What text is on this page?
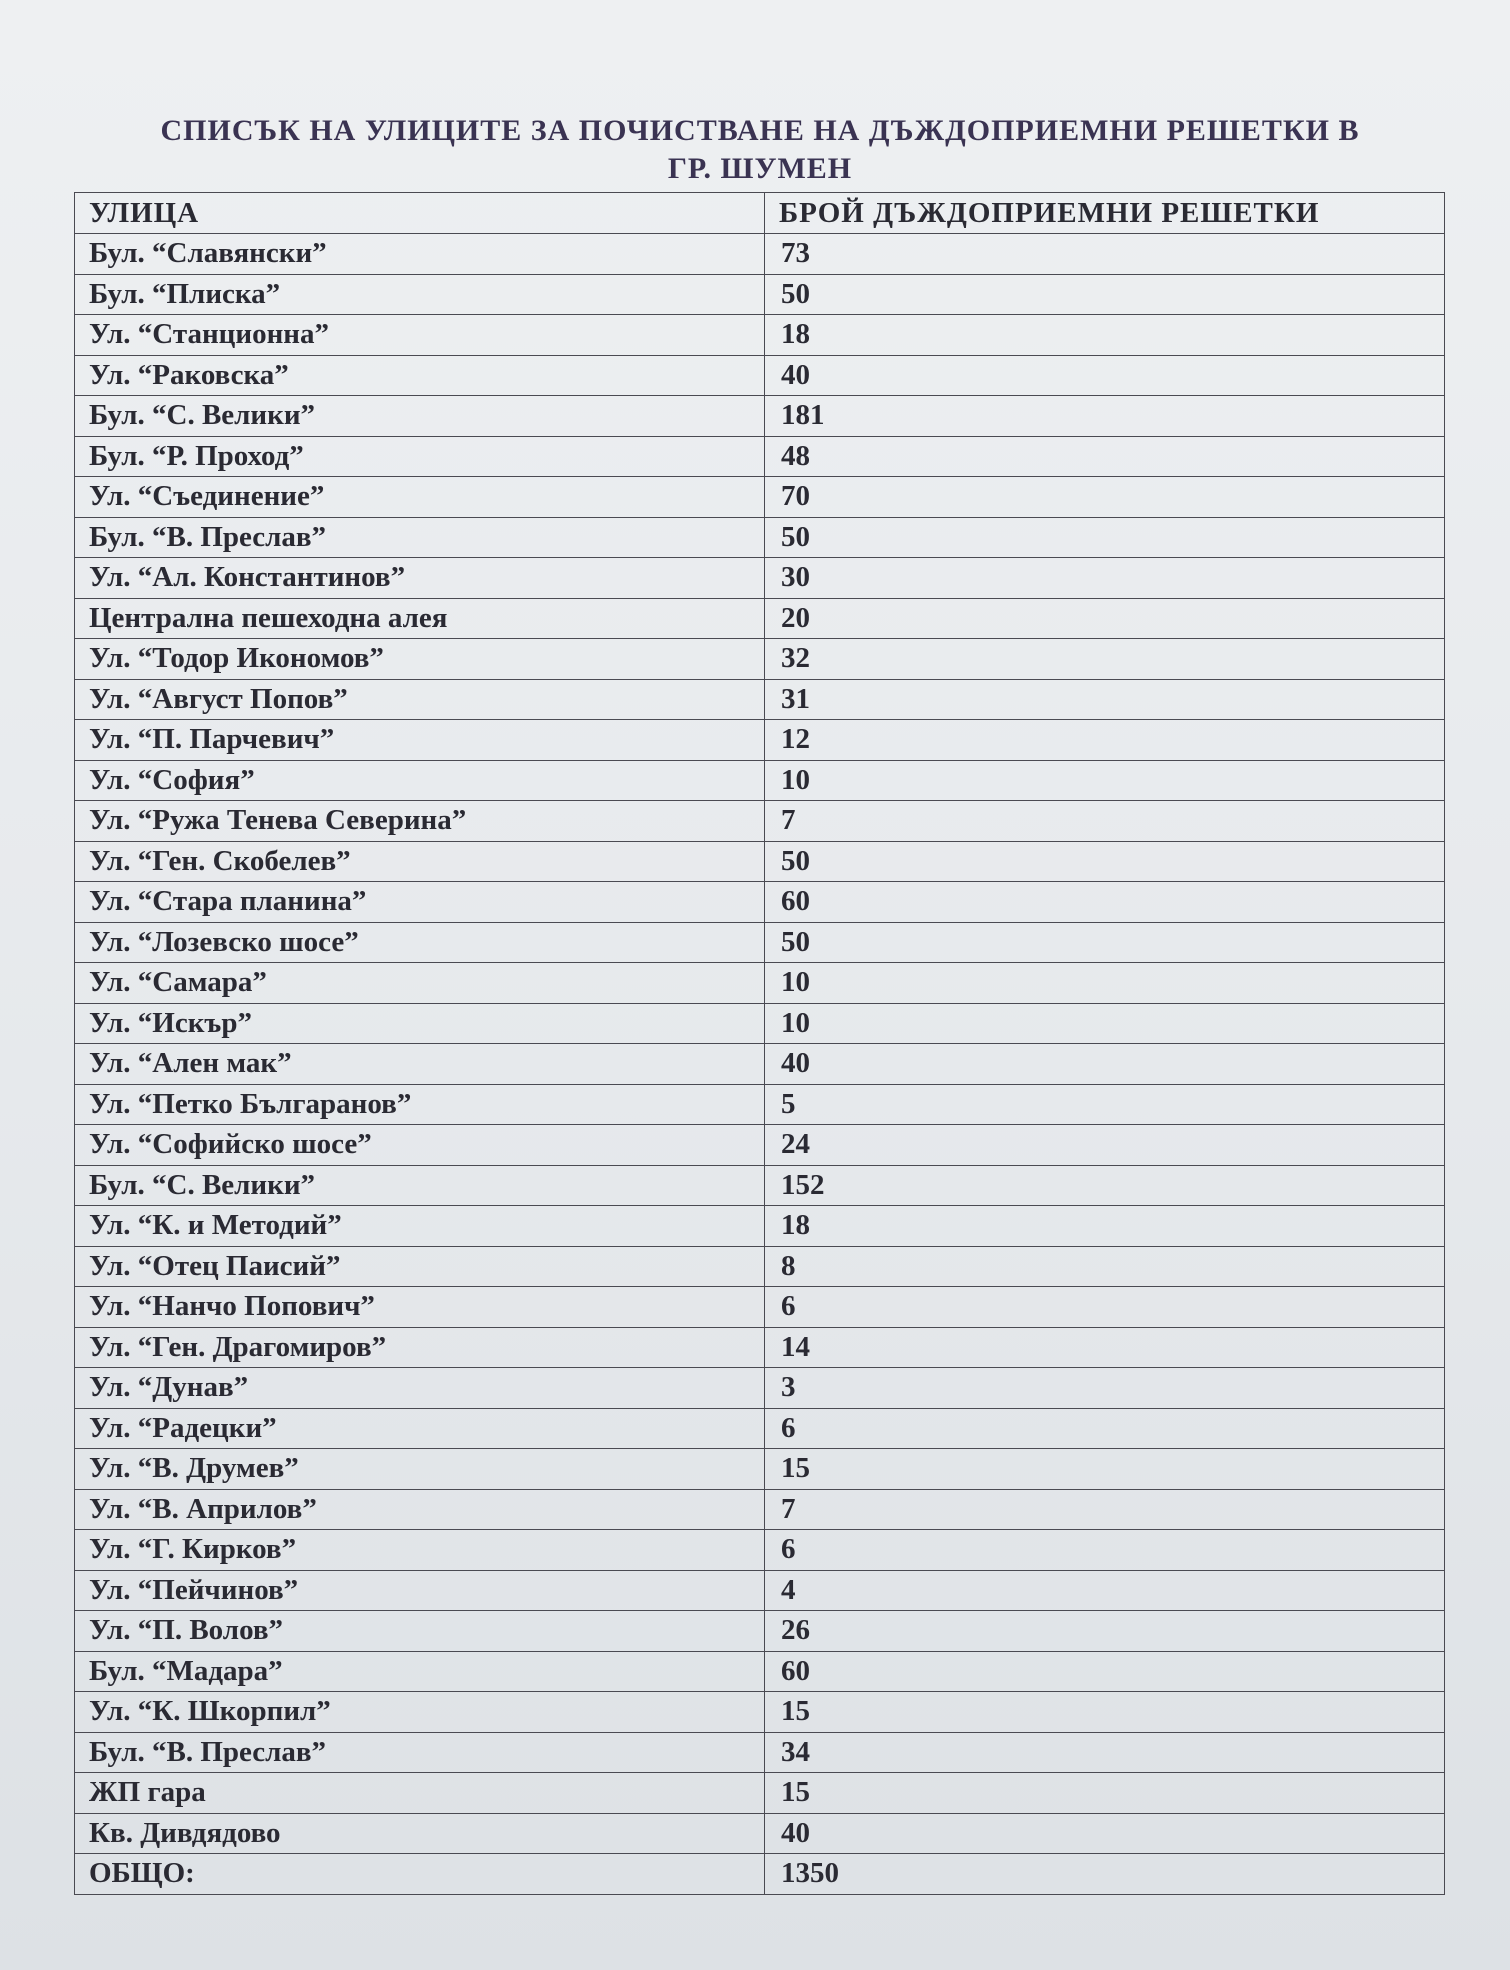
СПИСЪК НА УЛИЦИТЕ ЗА ПОЧИСТВАНЕ НА ДЪЖДОПРИЕМНИ РЕШЕТКИ В
ГР. ШУМЕН
УЛИЦА	БРОЙ ДЪЖДОПРИЕМНИ РЕШЕТКИ
Бул. “Славянски”	73
Бул. “Плиска”	50
Ул. “Станционна”	18
Ул. “Раковска”	40
Бул. “С. Велики”	181
Бул. “Р. Проход”	48
Ул. “Съединение”	70
Бул. “В. Преслав”	50
Ул. “Ал. Константинов”	30
Централна пешеходна алея	20
Ул. “Тодор Икономов”	32
Ул. “Август Попов”	31
Ул. “П. Парчевич”	12
Ул. “София”	10
Ул. “Ружа Тенева Северина”	7
Ул. “Ген. Скобелев”	50
Ул. “Стара планина”	60
Ул. “Лозевско шосе”	50
Ул. “Самара”	10
Ул. “Искър”	10
Ул. “Ален мак”	40
Ул. “Петко Българанов”	5
Ул. “Софийско шосе”	24
Бул. “С. Велики”	152
Ул. “К. и Методий”	18
Ул. “Отец Паисий”	8
Ул. “Нанчо Попович”	6
Ул. “Ген. Драгомиров”	14
Ул. “Дунав”	3
Ул. “Радецки”	6
Ул. “В. Друмев”	15
Ул. “В. Априлов”	7
Ул. “Г. Кирков”	6
Ул. “Пейчинов”	4
Ул. “П. Волов”	26
Бул. “Мадара”	60
Ул. “К. Шкорпил”	15
Бул. “В. Преслав”	34
ЖП гара	15
Кв. Дивдядово	40
ОБЩО:	1350
